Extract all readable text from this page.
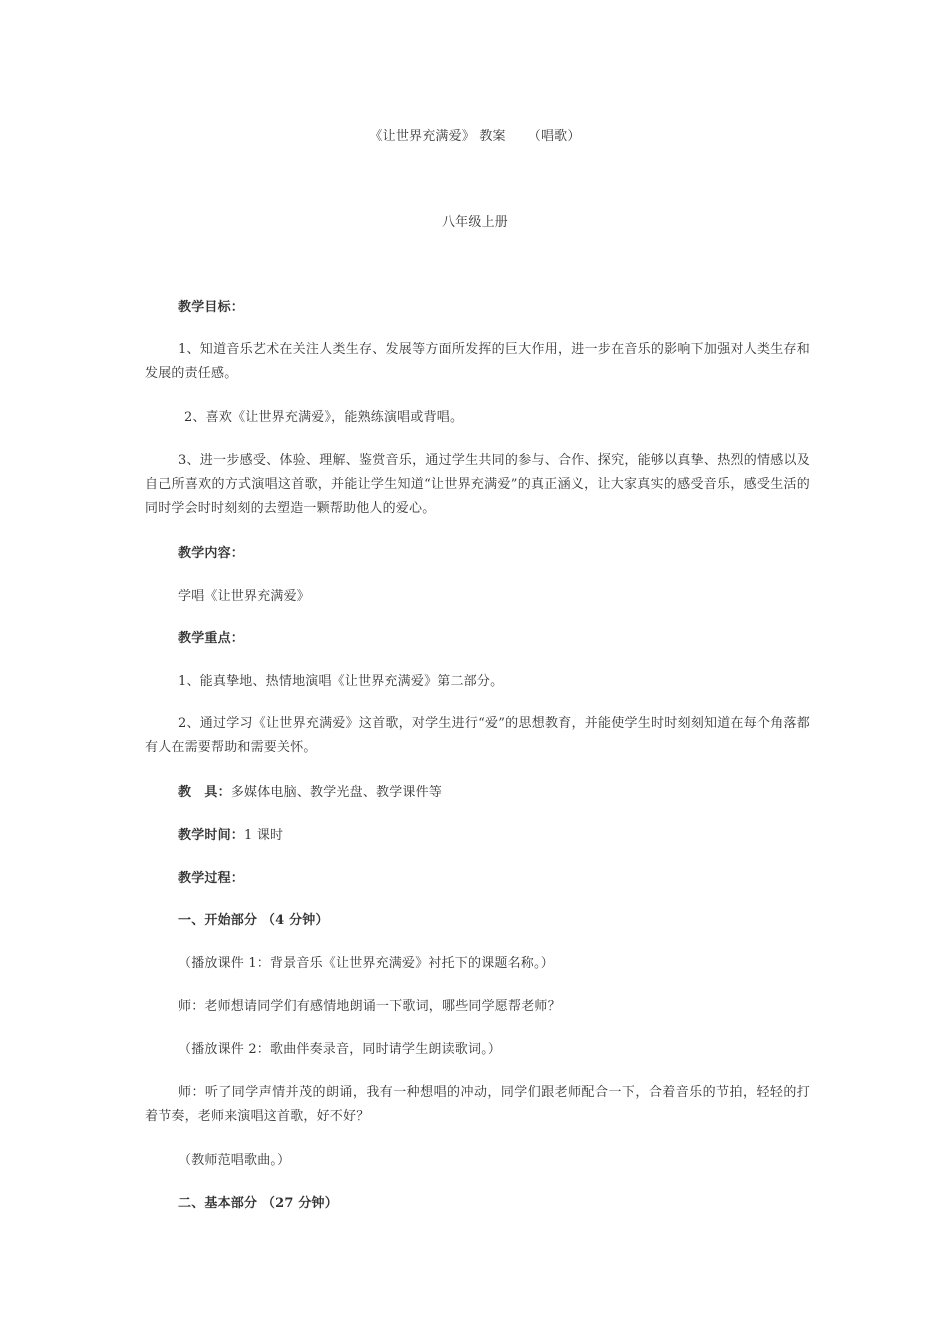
《让世界充满爱》 教案 （唱歌）
八年级上册
教学目标：
1、知道音乐艺术在关注人类生存、发展等方面所发挥的巨大作用，进一步在音乐的影响下加强对人类生存和发展的责任感。
2、喜欢《让世界充满爱》，能熟练演唱或背唱。
3、进一步感受、体验、理解、鉴赏音乐，通过学生共同的参与、合作、探究，能够以真挚、热烈的情感以及自己所喜欢的方式演唱这首歌，并能让学生知道“让世界充满爱”的真正涵义，让大家真实的感受音乐，感受生活的同时学会时时刻刻的去塑造一颗帮助他人的爱心。
教学内容：
学唱《让世界充满爱》
教学重点：
1、能真挚地、热情地演唱《让世界充满爱》第二部分。
2、通过学习《让世界充满爱》这首歌，对学生进行“爱”的思想教育，并能使学生时时刻刻知道在每个角落都有人在需要帮助和需要关怀。
教　具：多媒体电脑、教学光盘、教学课件等
教学时间：1 课时
教学过程：
一、开始部分 （4 分钟）
（播放课件 1：背景音乐《让世界充满爱》衬托下的课题名称。）
师：老师想请同学们有感情地朗诵一下歌词，哪些同学愿帮老师？
（播放课件 2：歌曲伴奏录音，同时请学生朗读歌词。）
师：听了同学声情并茂的朗诵，我有一种想唱的冲动，同学们跟老师配合一下，合着音乐的节拍，轻轻的打着节奏，老师来演唱这首歌，好不好？
（教师范唱歌曲。）
二、基本部分 （27 分钟）
